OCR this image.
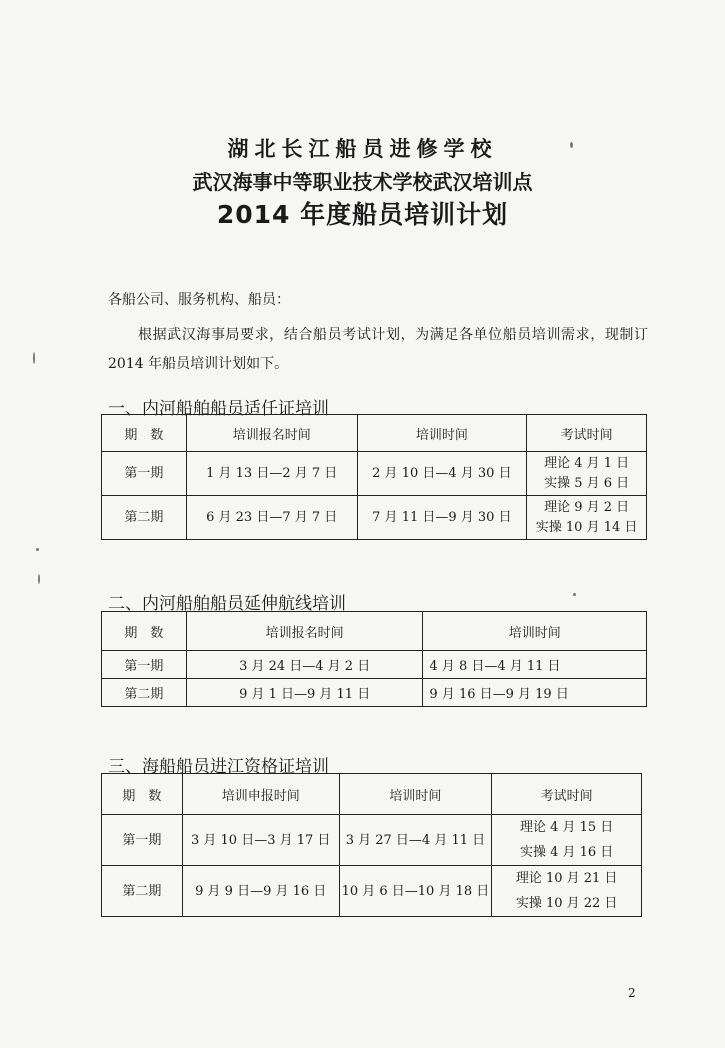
湖北长江船员进修学校
武汉海事中等职业技术学校武汉培训点
2014 年度船员培训计划
各船公司、服务机构、船员：
根据武汉海事局要求，结合船员考试计划，为满足各单位船员培训需求，现制订 2014 年船员培训计划如下。
一、内河船舶船员适任证培训
期　数	培训报名时间	培训时间	考试时间
第一期	1 月 13 日—2 月 7 日	2 月 10 日—4 月 30 日	理论 4 月 1 日
实操 5 月 6 日

第二期	6 月 23 日—7 月 7 日	7 月 11 日—9 月 30 日	理论 9 月 2 日
实操 10 月 14 日
二、内河船舶船员延伸航线培训
期　数	培训报名时间	培训时间
第一期	3 月 24 日—4 月 2 日	4 月 8 日—4 月 11 日
第二期	9 月 1 日—9 月 11 日	9 月 16 日—9 月 19 日
三、海船船员进江资格证培训
期　数	培训申报时间	培训时间	考试时间
第一期	3 月 10 日—3 月 17 日	3 月 27 日—4 月 11 日	理论 4 月 15 日
实操 4 月 16 日

第二期	9 月 9 日—9 月 16 日	10 月 6 日—10 月 18 日	理论 10 月 21 日
实操 10 月 22 日
2
